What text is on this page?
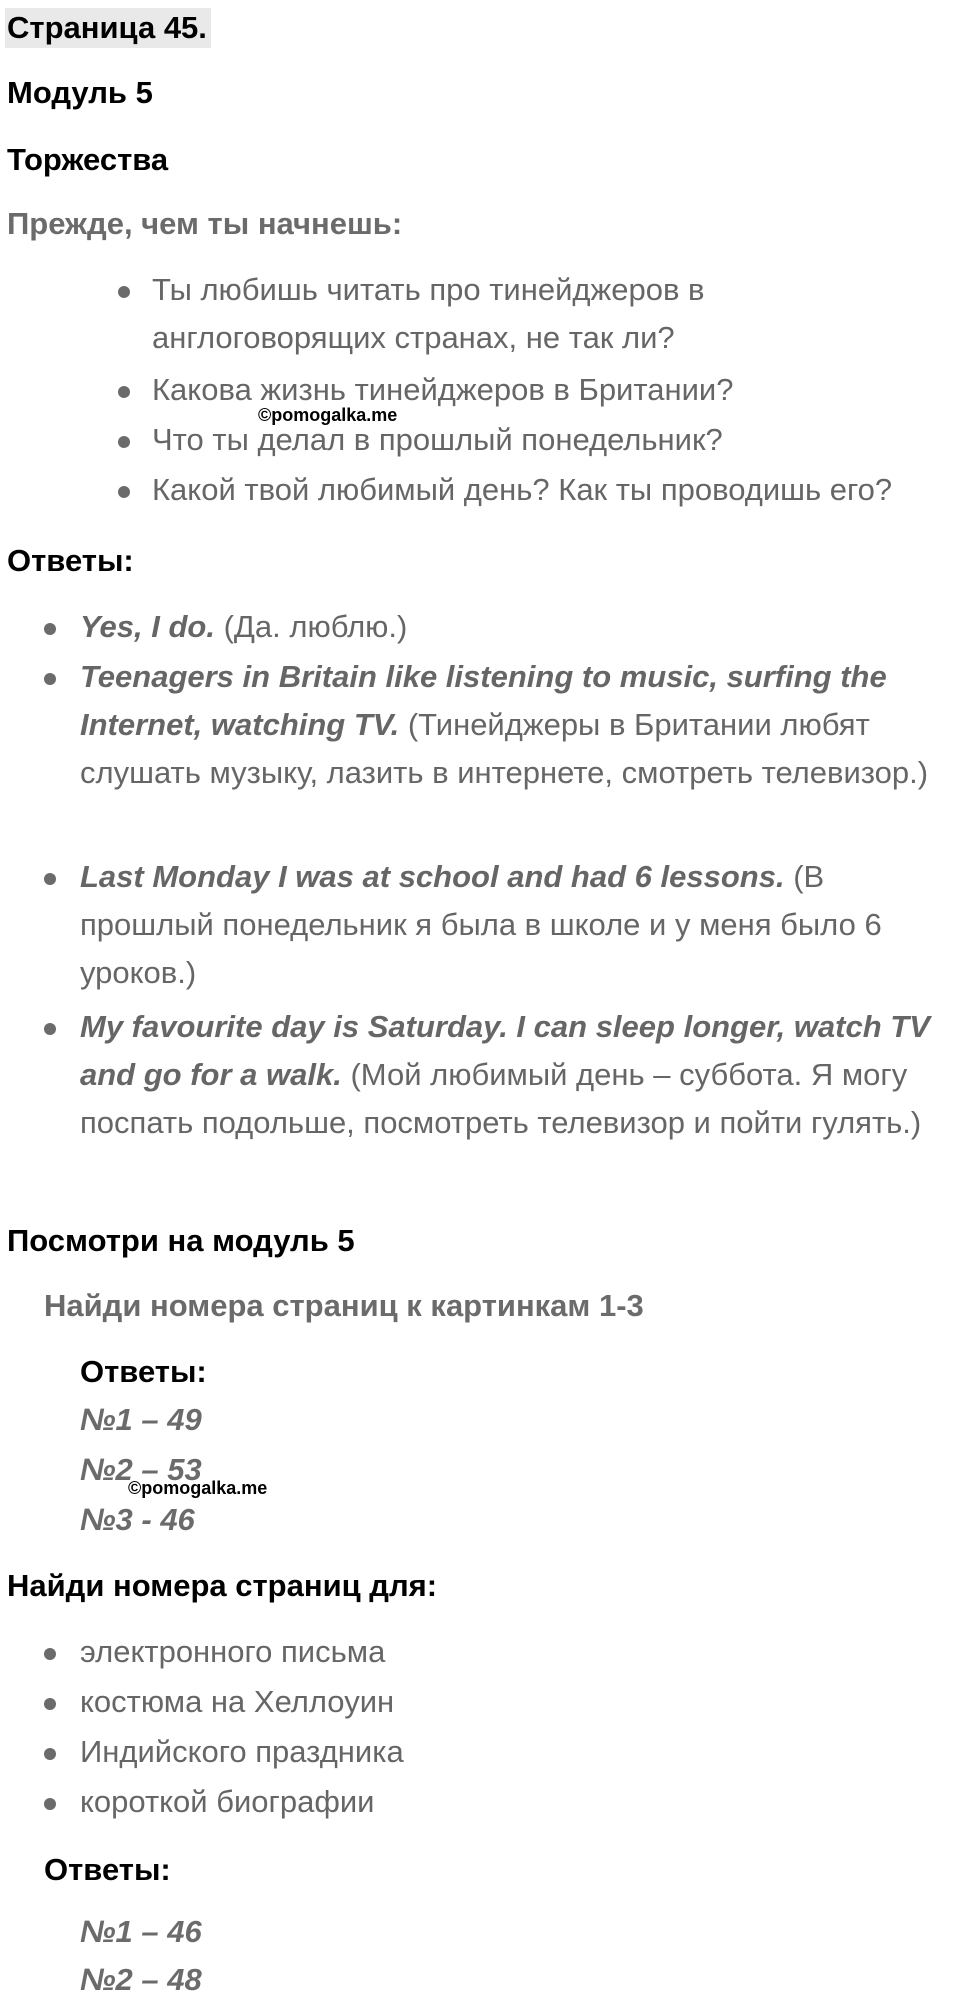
Страница 45.
Модуль 5
Торжества
Прежде, чем ты начнешь:
Ты любишь читать про тинейджеров в англоговорящих странах, не так ли?
Какова жизнь тинейджеров в Британии?
Что ты делал в прошлый понедельник?
Какой твой любимый день? Как ты проводишь его?
©pomogalka.me
Ответы:
Yes, I do. (Да. люблю.)
Teenagers in Britain like listening to music, surfing the Internet, watching TV. (Тинейджеры в Британии любят слушать музыку, лазить в интернете, смотреть телевизор.)
Last Monday I was at school and had 6 lessons. (В прошлый понедельник я была в школе и у меня было 6 уроков.)
My favourite day is Saturday. I can sleep longer, watch TV and go for a walk. (Мой любимый день – суббота. Я могу поспать подольше, посмотреть телевизор и пойти гулять.)
Посмотри на модуль 5
Найди номера страниц к картинкам 1-3
Ответы:
№1 – 49
№2 – 53
№3 - 46
©pomogalka.me
Найди номера страниц для:
электронного письма
костюма на Хеллоуин
Индийского праздника
короткой биографии
Ответы:
№1 – 46
№2 – 48
